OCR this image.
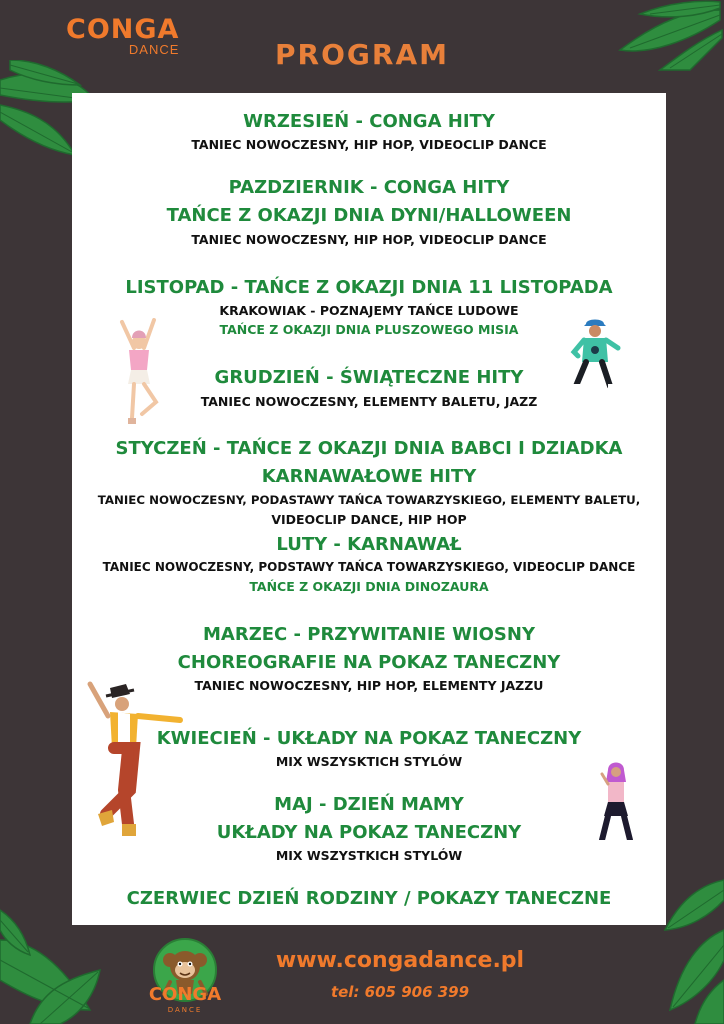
CONGA
DANCE	PROGRAM
WRZESIEŃ - CONGA HITY
TANIEC NOWOCZESNY, HIP HOP, VIDEOCLIP DANCE
PAZDZIERNIK - CONGA HITY
TAŃCE Z OKAZJI DNIA DYNI/HALLOWEEN
TANIEC NOWOCZESNY, HIP HOP, VIDEOCLIP DANCE
LISTOPAD - TAŃCE Z OKAZJI DNIA 11 LISTOPADA
KRAKOWIAK - POZNAJEMY TAŃCE LUDOWE
TAŃCE Z OKAZJI DNIA PLUSZOWEGO MISIA
GRUDZIEŃ - ŚWIĄTECZNE HITY
TANIEC NOWOCZESNY, ELEMENTY BALETU, JAZZ
STYCZEŃ - TAŃCE Z OKAZJI DNIA BABCI I DZIADKA
KARNAWAŁOWE HITY
TANIEC NOWOCZESNY, PODASTAWY TAŃCA TOWARZYSKIEGO, ELEMENTY BALETU,
VIDEOCLIP DANCE, HIP HOP
LUTY - KARNAWAŁ
TANIEC NOWOCZESNY, PODSTAWY TAŃCA TOWARZYSKIEGO, VIDEOCLIP DANCE
TAŃCE Z OKAZJI DNIA DINOZAURA
MARZEC - PRZYWITANIE WIOSNY
CHOREOGRAFIE NA POKAZ TANECZNY
TANIEC NOWOCZESNY, HIP HOP, ELEMENTY JAZZU
KWIECIEŃ - UKŁADY NA POKAZ TANECZNY
MIX WSZYSKTICH STYLÓW
MAJ - DZIEŃ MAMY
UKŁADY NA POKAZ TANECZNY
MIX WSZYSTKICH STYLÓW
CZERWIEC DZIEŃ RODZINY / POKAZY TANECZNE
CONGA
DANCE
www.congadance.pl
tel: 605 906 399
